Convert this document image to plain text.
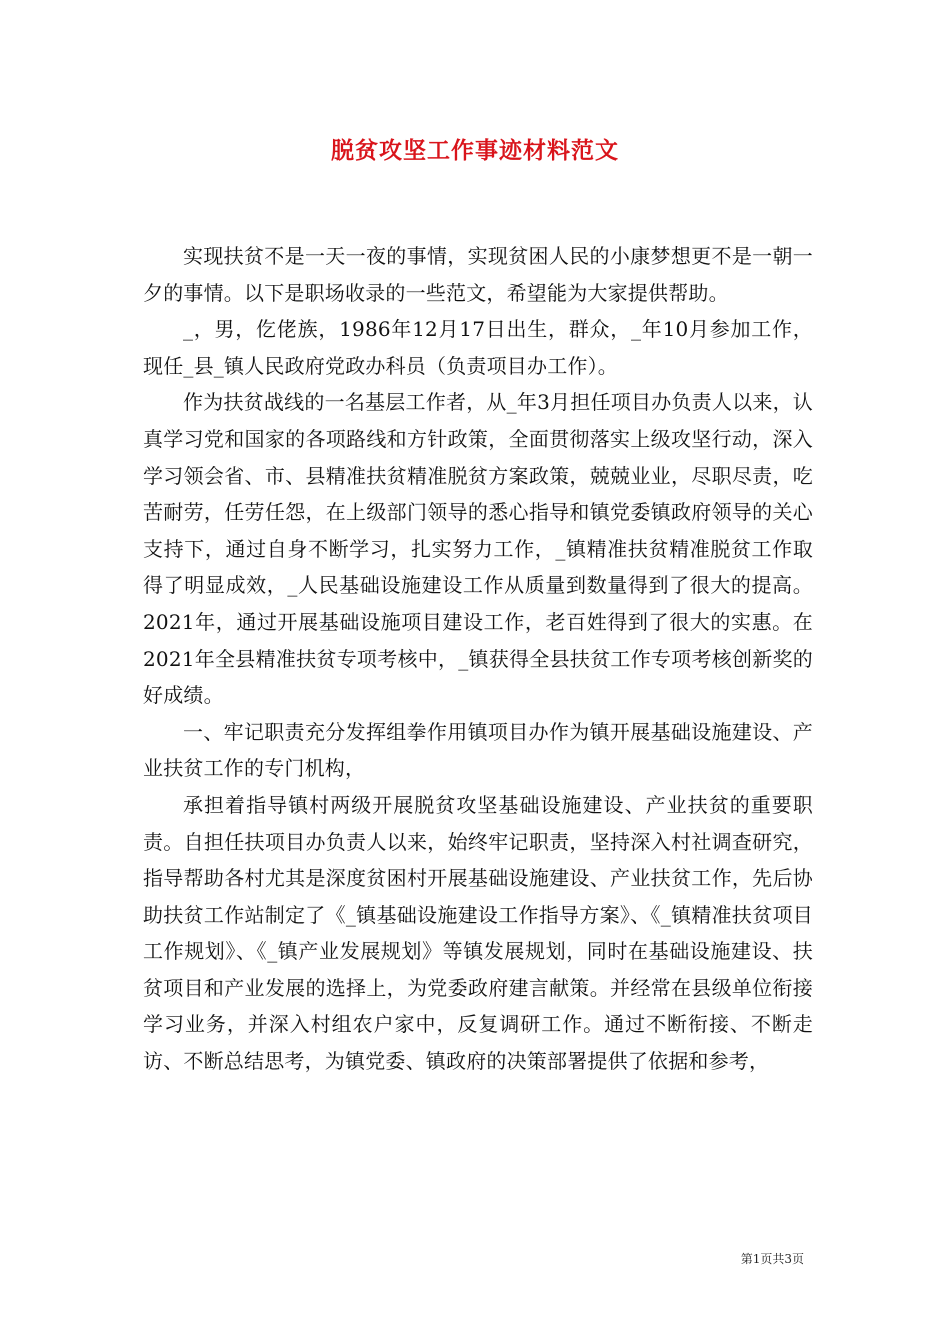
脱贫攻坚工作事迹材料范文

实现扶贫不是一天一夜的事情，实现贫困人民的小康梦想更不是一朝一夕的事情。以下是职场收录的一些范文，希望能为大家提供帮助。

_，男，仡佬族，1986年12月17日出生，群众，_年10月参加工作，现任_县_镇人民政府党政办科员（负责项目办工作）。

作为扶贫战线的一名基层工作者，从_年3月担任项目办负责人以来，认真学习党和国家的各项路线和方针政策，全面贯彻落实上级攻坚行动，深入学习领会省、市、县精准扶贫精准脱贫方案政策，兢兢业业，尽职尽责，吃苦耐劳，任劳任怨，在上级部门领导的悉心指导和镇党委镇政府领导的关心支持下，通过自身不断学习，扎实努力工作，_镇精准扶贫精准脱贫工作取得了明显成效，_人民基础设施建设工作从质量到数量得到了很大的提高。2021年，通过开展基础设施项目建设工作，老百姓得到了很大的实惠。在2021年全县精准扶贫专项考核中，_镇获得全县扶贫工作专项考核创新奖的好成绩。

一、牢记职责充分发挥组拳作用镇项目办作为镇开展基础设施建设、产业扶贫工作的专门机构，

承担着指导镇村两级开展脱贫攻坚基础设施建设、产业扶贫的重要职责。自担任扶项目办负责人以来，始终牢记职责，坚持深入村社调查研究，指导帮助各村尤其是深度贫困村开展基础设施建设、产业扶贫工作，先后协助扶贫工作站制定了《_镇基础设施建设工作指导方案》、《_镇精准扶贫项目工作规划》、《_镇产业发展规划》等镇发展规划，同时在基础设施建设、扶贫项目和产业发展的选择上，为党委政府建言献策。并经常在县级单位衔接学习业务，并深入村组农户家中，反复调研工作。通过不断衔接、不断走访、不断总结思考，为镇党委、镇政府的决策部署提供了依据和参考，

第1页共3页
